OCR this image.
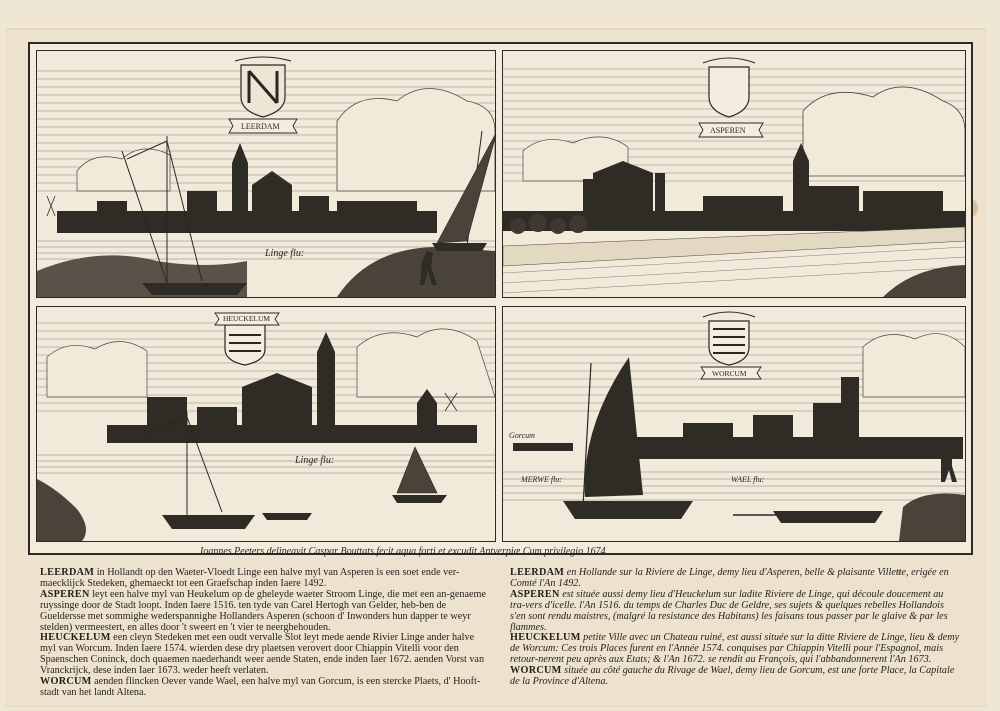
LEERDAM
Linge flu:
ASPEREN
HEUCKELUM
Linge flu:
WORCUM
Gorcum
MERWE flu:	WAEL flu:
Ioannes Peeters delineavit Caspar Bouttats fecit aqua forti et excudit Antverpiæ Cum privilegio 1674

LEERDAM in Hollandt op den Waeter-Vloedt Linge een halve myl van Asperen is een soet ende ver-maecklijck Stedeken, ghemaeckt tot een Graefschap inden Iaere 1492.

ASPEREN leyt een halve myl van Heukelum op de gheleyde waeter Stroom Linge, die met een an-genaeme ruyssinge door de Stadt loopt. Inden Iaere 1516. ten tyde van Carel Hertogh van Gelder, heb-ben de Gueldersse met sommighe wederspannighe Hollanders Asperen (schoon d' Inwonders hun dapper te weyr stelden) vermeestert, en alles door 't sweert en 't vier te neerghehouden.

HEUCKELUM een cleyn Stedeken met een oudt vervalle Slot leyt mede aende Rivier Linge ander halve myl van Worcum. Inden Iaere 1574. wierden dese dry plaetsen verovert door Chiappin Vitelli voor den Spaenschen Coninck, doch quaemen naederhandt weer aende Staten, ende inden Iaer 1672. aenden Vorst van Vranckrijck, dese inden Iaer 1673. weder heeft verlaten.

WORCUM aenden flincken Oever vande Wael, een halve myl van Gorcum, is een stercke Plaets, d' Hooft-stadt van het landt Altena.

LEERDAM en Hollande sur la Riviere de Linge, demy lieu d'Asperen, belle & plaisante Villette, erigée en Comté l'An 1492.

ASPEREN est située aussi demy lieu d'Heuckelum sur ladite Riviere de Linge, qui découle doucement au tra-vers d'icelle. l'An 1516. du temps de Charles Duc de Geldre, ses sujets & quelques rebelles Hollandois s'en sont rendu maistres, (malgré la resistance des Habitans) les faisans tous passer par le glaive & par les flammes.

HEUCKELUM petite Ville avec un Chateau ruiné, est aussi située sur la ditte Riviere de Linge, lieu & demy de Worcum: Ces trois Places furent en l'Année 1574. conquises par Chiappin Vitelli pour l'Espagnol, mais retour-nerent peu après aux Etats; & l'An 1672. se rendit au François, qui l'abbandonnerent l'An 1673.

WORCUM située au côté gauche du Rivage de Wael, demy lieu de Gorcum, est une forte Place, la Capitale de la Province d'Altena.
